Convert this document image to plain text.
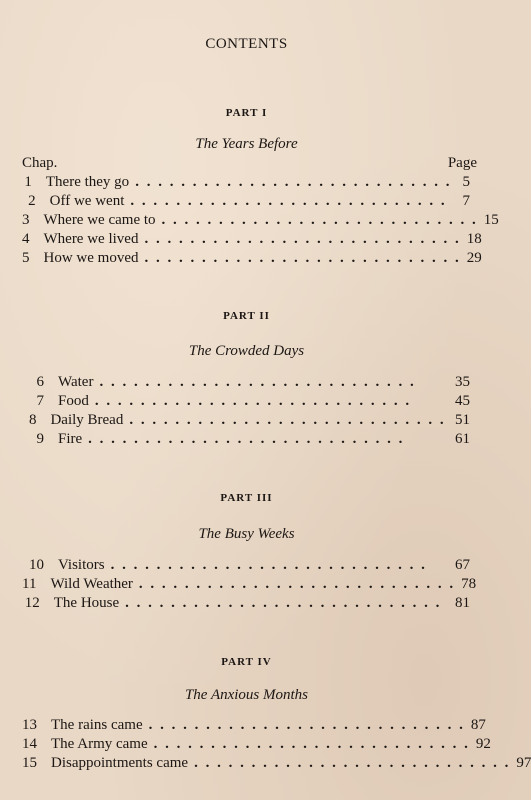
CONTENTS
PART I
The Years Before
Chap.	Page
1 There they go . . . . . . . . . . . . . . . . . . . . . . . . . . . . 5
2 Off we went . . . . . . . . . . . . . . . . . . . . . . . . . . . .	7
3 Where we came to . . . . . . . . . . . . . . . . . . . . . . . . . . . . 15
4 Where we lived . . . . . . . . . . . . . . . . . . . . . . . . . . . . 18
5 How we moved . . . . . . . . . . . . . . . . . . . . . . . . . . . . 29
PART II
The Crowded Days
6 Water . . . . . . . . . . . . . . . . . . . . . . . . . . . .	35
7 Food . . . . . . . . . . . . . . . . . . . . . . . . . . . .	45
8 Daily Bread . . . . . . . . . . . . . . . . . . . . . . . . . . . . 51
9 Fire . . . . . . . . . . . . . . . . . . . . . . . . . . . .	61
PART III
The Busy Weeks
10 Visitors . . . . . . . . . . . . . . . . . . . . . . . . . . . .	67
11 Wild Weather . . . . . . . . . . . . . . . . . . . . . . . . . . . . 78
12 The House . . . . . . . . . . . . . . . . . . . . . . . . . . . . 81
PART IV
The Anxious Months
13 The rains came . . . . . . . . . . . . . . . . . . . . . . . . . . . . 87
14 The Army came . . . . . . . . . . . . . . . . . . . . . . . . . . . . 92
15 Disappointments came . . . . . . . . . . . . . . . . . . . . . . . . . . . . 97
